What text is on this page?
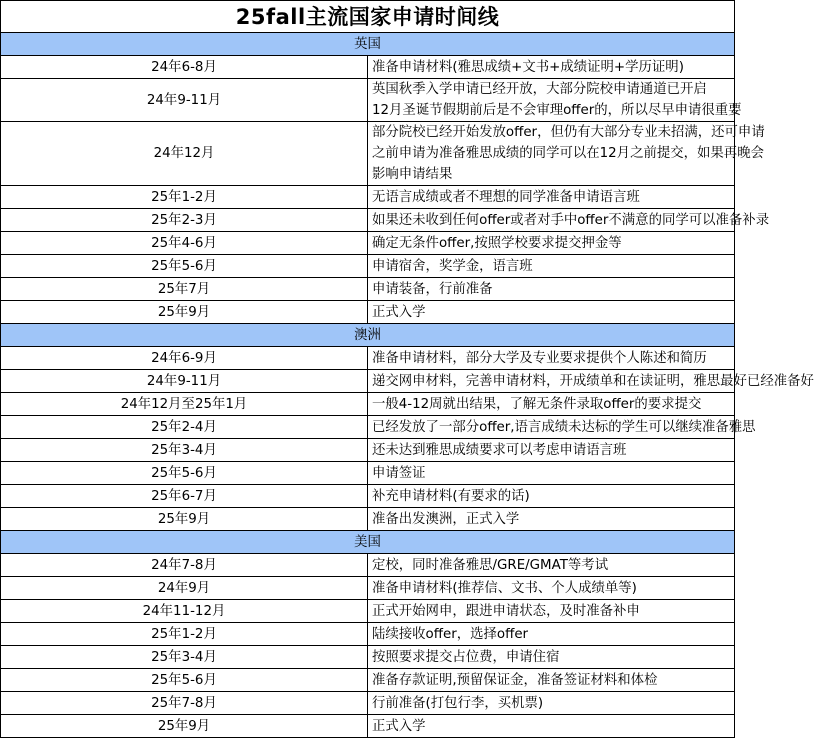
25fall主流国家申请时间线
英国	
24年6-8月	准备申请材料(雅思成绩+文书+成绩证明+学历证明)

24年9-11月	英国秋季入学申请已经开放，大部分院校申请通道已开启
12月圣诞节假期前后是不会审理offer的，所以尽早申请很重要

24年12月	部分院校已经开始发放offer，但仍有大部分专业未招满，还可申请
之前申请为准备雅思成绩的同学可以在12月之前提交，如果再晚会
影响申请结果

25年1-2月	无语言成绩或者不理想的同学准备申请语言班

25年2-3月	如果还未收到任何offer或者对手中offer不满意的同学可以准备补录

25年4-6月	确定无条件offer,按照学校要求提交押金等

25年5-6月	申请宿舍，奖学金，语言班

25年7月	申请装备，行前准备

25年9月	正式入学

澳洲	
24年6-9月	准备申请材料，部分大学及专业要求提供个人陈述和简历

24年9-11月	递交网申材料，完善申请材料，开成绩单和在读证明，雅思最好已经准备好

24年12月至25年1月	一般4-12周就出结果，了解无条件录取offer的要求提交

25年2-4月	已经发放了一部分offer,语言成绩未达标的学生可以继续准备雅思

25年3-4月	还未达到雅思成绩要求可以考虑申请语言班

25年5-6月	申请签证

25年6-7月	补充申请材料(有要求的话)

25年9月	准备出发澳洲，正式入学

美国	
24年7-8月	定校，同时准备雅思/GRE/GMAT等考试

24年9月	准备申请材料(推荐信、文书、个人成绩单等)

24年11-12月	正式开始网申，跟进申请状态，及时准备补申

25年1-2月	陆续接收offer，选择offer

25年3-4月	按照要求提交占位费，申请住宿

25年5-6月	准备存款证明,预留保证金，准备签证材料和体检

25年7-8月	行前准备(打包行李，买机票)

25年9月	正式入学
